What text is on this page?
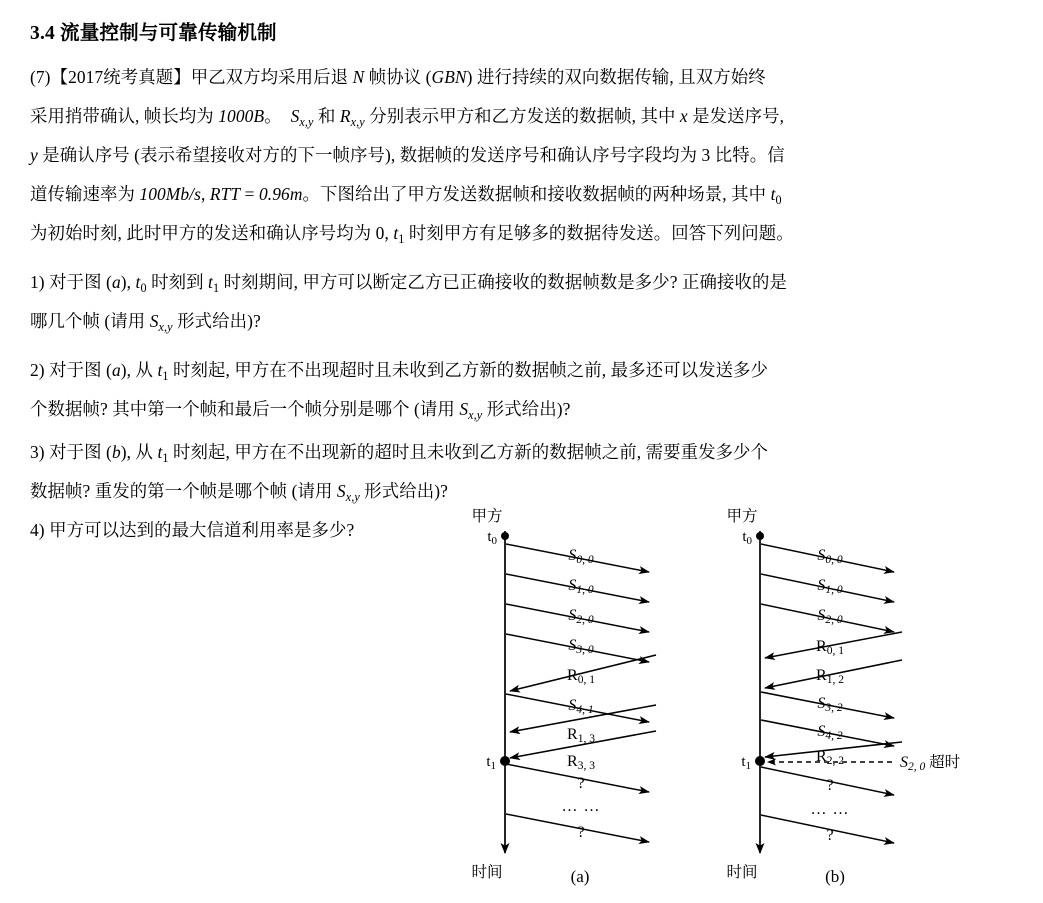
3.4 流量控制与可靠传输机制
(7)【2017统考真题】甲乙双方均采用后退 N 帧协议 (GBN) 进行持续的双向数据传输, 且双方始终
采用捎带确认, 帧长均为 1000B。  $S_{x,y}$ 和 $R_{x,y}$ 分别表示甲方和乙方发送的数据帧, 其中 x 是发送序号,
y 是确认序号 (表示希望接收对方的下一帧序号), 数据帧的发送序号和确认序号字段均为 3 比特。信
道传输速率为 100Mb/s, RTT = 0.96m。下图给出了甲方发送数据帧和接收数据帧的两种场景, 其中 $t_0$
为初始时刻, 此时甲方的发送和确认序号均为 0, $t_1$ 时刻甲方有足够多的数据待发送。回答下列问题。
1) 对于图 (a), $t_0$ 时刻到 $t_1$ 时刻期间, 甲方可以断定乙方已正确接收的数据帧数是多少? 正确接收的是
哪几个帧 (请用 $S_{x,y}$ 形式给出)?
2) 对于图 (a), 从 $t_1$ 时刻起, 甲方在不出现超时且未收到乙方新的数据帧之前, 最多还可以发送多少
个数据帧? 其中第一个帧和最后一个帧分别是哪个 (请用 $S_{x,y}$ 形式给出)?
3) 对于图 (b), 从 $t_1$ 时刻起, 甲方在不出现新的超时且未收到乙方新的数据帧之前, 需要重发多少个
数据帧? 重发的第一个帧是哪个帧 (请用 $S_{x,y}$ 形式给出)?
4) 甲方可以达到的最大信道利用率是多少?
甲方
$t_0$
$t_1$
时间	(a)
S0, 0
S1, 0
S2, 0
S3, 0
R0, 1
S4, 1
R1, 3
R3, 3
?
… …
?
甲方
$t_0$
$t_1$
时间	(b)
S2, 0 超时
S0, 0
S1, 0
S2, 0
R0, 1
R1, 2
S3, 2
S4, 2
R2, 2
?
… …
?
